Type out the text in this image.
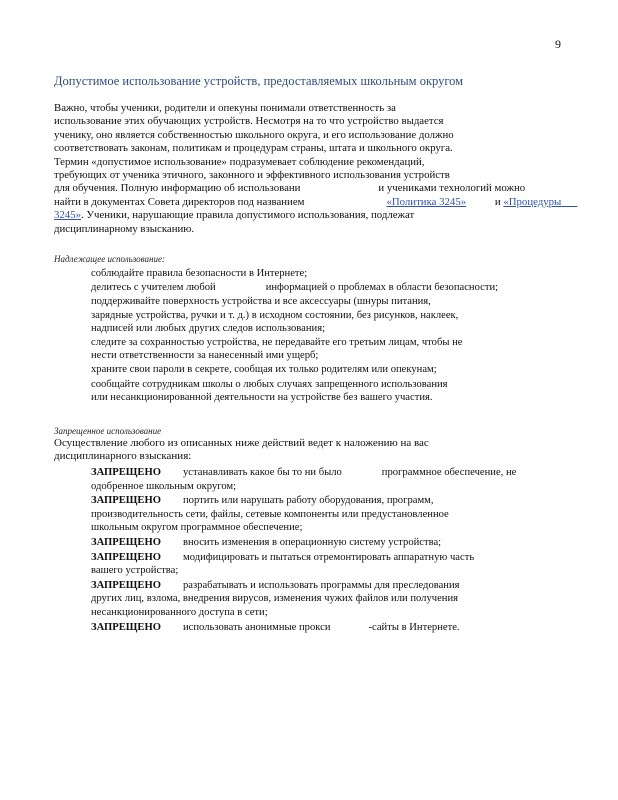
9
Допустимое использование устройств, предоставляемых школьным округом
Важно, чтобы ученики, родители и опекуны понимали ответственность за
использование этих обучающих устройств. Несмотря на то что устройство выдается
ученику, оно является собственностью школьного округа, и его использование должно
соответствовать законам, политикам и процедурам страны, штата и школьного округа.
Термин «допустимое использование» подразумевает соблюдение рекомендаций,
требующих от ученика этичного, законного и эффективного использования устройств
для обучения. Полную информацию об использовани	и учениками технологий можно
найти в документах Совета директоров под названием	«Политика 3245»	и «Процедуры
3245». Ученики, нарушающие правила допустимого использования, подлежат
дисциплинарному взысканию.
Надлежащее использование:
соблюдайте правила безопасности в Интернете;
делитесь с учителем любой	информацией о проблемах в области безопасности;
поддерживайте поверхность устройства и все аксессуары (шнуры питания,
зарядные устройства, ручки и т. д.) в исходном состоянии, без рисунков, наклеек,
надписей или любых других следов использования;
следите за сохранностью устройства, не передавайте его третьим лицам, чтобы не
нести ответственности за нанесенный ими ущерб;
храните свои пароли в секрете, сообщая их только родителям или опекунам;
сообщайте сотрудникам школы о любых случаях запрещенного использования
или несанкционированной деятельности на устройстве без вашего участия.
Запрещенное использование
Осуществление любого из описанных ниже действий ведет к наложению на вас
дисциплинарного взыскания:
ЗАПРЕЩЕНО устанавливать какое бы то ни было	программное обеспечение, не
одобренное школьным округом;
ЗАПРЕЩЕНО портить или нарушать работу оборудования, программ,
производительность сети, файлы, сетевые компоненты или предустановленное
школьным округом программное обеспечение;
ЗАПРЕЩЕНО вносить изменения в операционную систему устройства;
ЗАПРЕЩЕНО модифицировать и пытаться отремонтировать аппаратную часть
вашего устройства;
ЗАПРЕЩЕНО разрабатывать и использовать программы для преследования
других лиц, взлома, внедрения вирусов, изменения чужих файлов или получения
несанкционированного доступа в сети;
ЗАПРЕЩЕНО использовать анонимные прокси	-сайты в Интернете.
